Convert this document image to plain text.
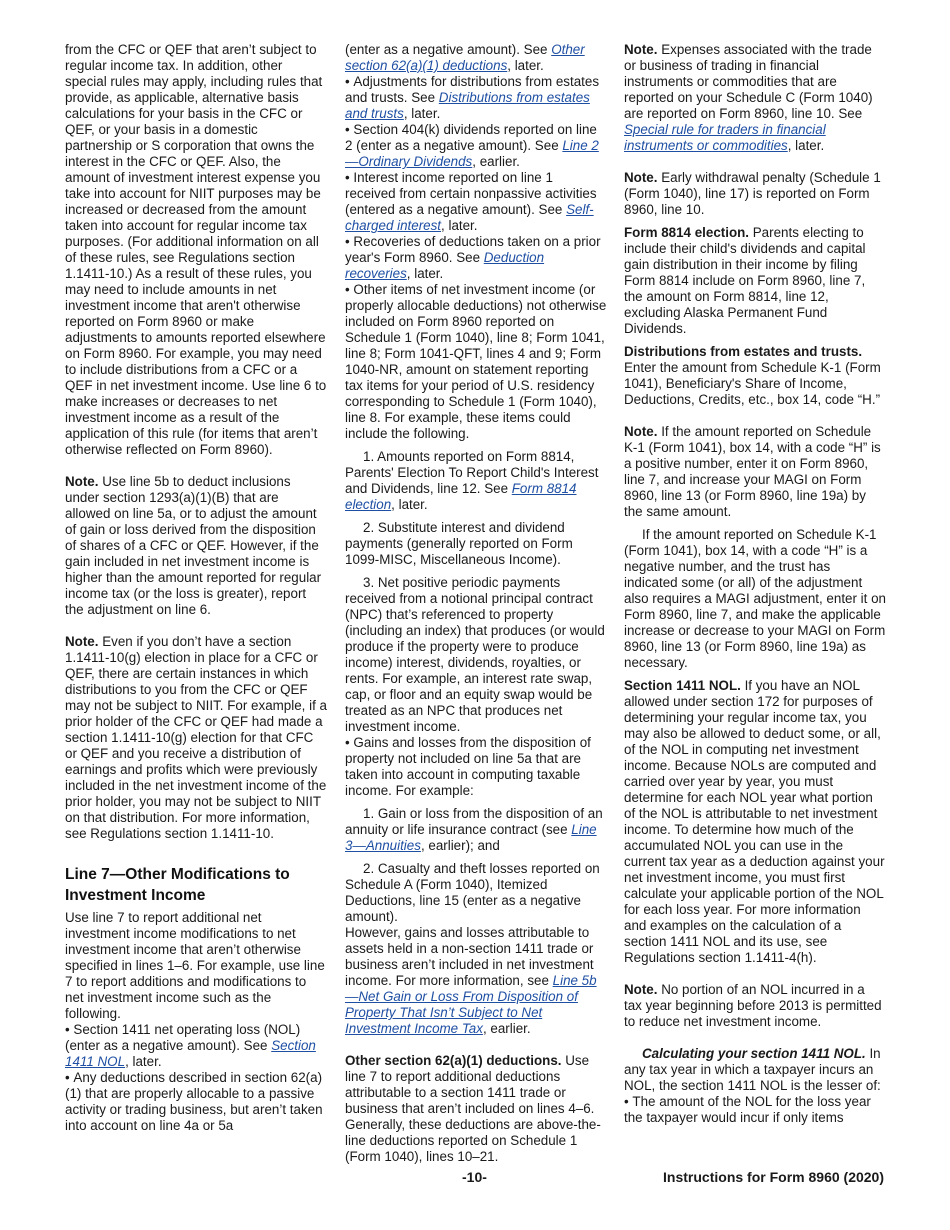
from the CFC or QEF that aren’t subject to regular income tax. In addition, other special rules may apply, including rules that provide, as applicable, alternative basis calculations for your basis in the CFC or QEF, or your basis in a domestic partnership or S corporation that owns the interest in the CFC or QEF. Also, the amount of investment interest expense you take into account for NIIT purposes may be increased or decreased from the amount taken into account for regular income tax purposes. (For additional information on all of these rules, see Regulations section 1.1411-10.) As a result of these rules, you may need to include amounts in net investment income that aren't otherwise reported on Form 8960 or make adjustments to amounts reported elsewhere on Form 8960. For example, you may need to include distributions from a CFC or a QEF in net investment income. Use line 6 to make increases or decreases to net investment income as a result of the application of this rule (for items that aren’t otherwise reflected on Form 8960).

Note. Use line 5b to deduct inclusions under section 1293(a)(1)(B) that are allowed on line 5a, or to adjust the amount of gain or loss derived from the disposition of shares of a CFC or QEF. However, if the gain included in net investment income is higher than the amount reported for regular income tax (or the loss is greater), report the adjustment on line 6.

Note. Even if you don’t have a section 1.1411-10(g) election in place for a CFC or QEF, there are certain instances in which distributions to you from the CFC or QEF may not be subject to NIIT. For example, if a prior holder of the CFC or QEF had made a section 1.1411-10(g) election for that CFC or QEF and you receive a distribution of earnings and profits which were previously included in the net investment income of the prior holder, you may not be subject to NIIT on that distribution. For more information, see Regulations section 1.1411-10.

Line 7—Other Modifications to Investment Income

Use line 7 to report additional net investment income modifications to net investment income that aren’t otherwise specified in lines 1–6. For example, use line 7 to report additions and modifications to net investment income such as the following.

• Section 1411 net operating loss (NOL) (enter as a negative amount). See Section 1411 NOL, later.

• Any deductions described in section 62(a)(1) that are properly allocable to a passive activity or trading business, but aren’t taken into account on line 4a or 5a

(enter as a negative amount). See Other section 62(a)(1) deductions, later.

• Adjustments for distributions from estates and trusts. See Distributions from estates and trusts, later.

• Section 404(k) dividends reported on line 2 (enter as a negative amount). See Line 2—Ordinary Dividends, earlier.

• Interest income reported on line 1 received from certain nonpassive activities (entered as a negative amount). See Self-charged interest, later.

• Recoveries of deductions taken on a prior year's Form 8960. See Deduction recoveries, later.

• Other items of net investment income (or properly allocable deductions) not otherwise included on Form 8960 reported on Schedule 1 (Form 1040), line 8; Form 1041, line 8; Form 1041-QFT, lines 4 and 9; Form 1040-NR, amount on statement reporting tax items for your period of U.S. residency corresponding to Schedule 1 (Form 1040), line 8. For example, these items could include the following.

1. Amounts reported on Form 8814, Parents' Election To Report Child's Interest and Dividends, line 12. See Form 8814 election, later.

2. Substitute interest and dividend payments (generally reported on Form 1099-MISC, Miscellaneous Income).

3. Net positive periodic payments received from a notional principal contract (NPC) that’s referenced to property (including an index) that produces (or would produce if the property were to produce income) interest, dividends, royalties, or rents. For example, an interest rate swap, cap, or floor and an equity swap would be treated as an NPC that produces net investment income.

• Gains and losses from the disposition of property not included on line 5a that are taken into account in computing taxable income. For example:

1. Gain or loss from the disposition of an annuity or life insurance contract (see Line 3—Annuities, earlier); and

2. Casualty and theft losses reported on Schedule A (Form 1040), Itemized Deductions, line 15 (enter as a negative amount).

However, gains and losses attributable to assets held in a non-section 1411 trade or business aren’t included in net investment income. For more information, see Line 5b—Net Gain or Loss From Disposition of Property That Isn’t Subject to Net Investment Income Tax, earlier.

Other section 62(a)(1) deductions. Use line 7 to report additional deductions attributable to a section 1411 trade or business that aren’t included on lines 4–6. Generally, these deductions are above-the-line deductions reported on Schedule 1 (Form 1040), lines 10–21.

Note. Expenses associated with the trade or business of trading in financial instruments or commodities that are reported on your Schedule C (Form 1040) are reported on Form 8960, line 10. See Special rule for traders in financial instruments or commodities, later.

Note. Early withdrawal penalty (Schedule 1 (Form 1040), line 17) is reported on Form 8960, line 10.

Form 8814 election. Parents electing to include their child's dividends and capital gain distribution in their income by filing Form 8814 include on Form 8960, line 7, the amount on Form 8814, line 12, excluding Alaska Permanent Fund Dividends.

Distributions from estates and trusts. Enter the amount from Schedule K-1 (Form 1041), Beneficiary's Share of Income, Deductions, Credits, etc., box 14, code “H.”

Note. If the amount reported on Schedule K-1 (Form 1041), box 14, with a code “H” is a positive number, enter it on Form 8960, line 7, and increase your MAGI on Form 8960, line 13 (or Form 8960, line 19a) by the same amount.

If the amount reported on Schedule K-1 (Form 1041), box 14, with a code “H” is a negative number, and the trust has indicated some (or all) of the adjustment also requires a MAGI adjustment, enter it on Form 8960, line 7, and make the applicable increase or decrease to your MAGI on Form 8960, line 13 (or Form 8960, line 19a) as necessary.

Section 1411 NOL. If you have an NOL allowed under section 172 for purposes of determining your regular income tax, you may also be allowed to deduct some, or all, of the NOL in computing net investment income. Because NOLs are computed and carried over year by year, you must determine for each NOL year what portion of the NOL is attributable to net investment income. To determine how much of the accumulated NOL you can use in the current tax year as a deduction against your net investment income, you must first calculate your applicable portion of the NOL for each loss year. For more information and examples on the calculation of a section 1411 NOL and its use, see Regulations section 1.1411-4(h).

Note. No portion of an NOL incurred in a tax year beginning before 2013 is permitted to reduce net investment income.

Calculating your section 1411 NOL. In any tax year in which a taxpayer incurs an NOL, the section 1411 NOL is the lesser of:

• The amount of the NOL for the loss year the taxpayer would incur if only items

-10-	Instructions for Form 8960 (2020)
